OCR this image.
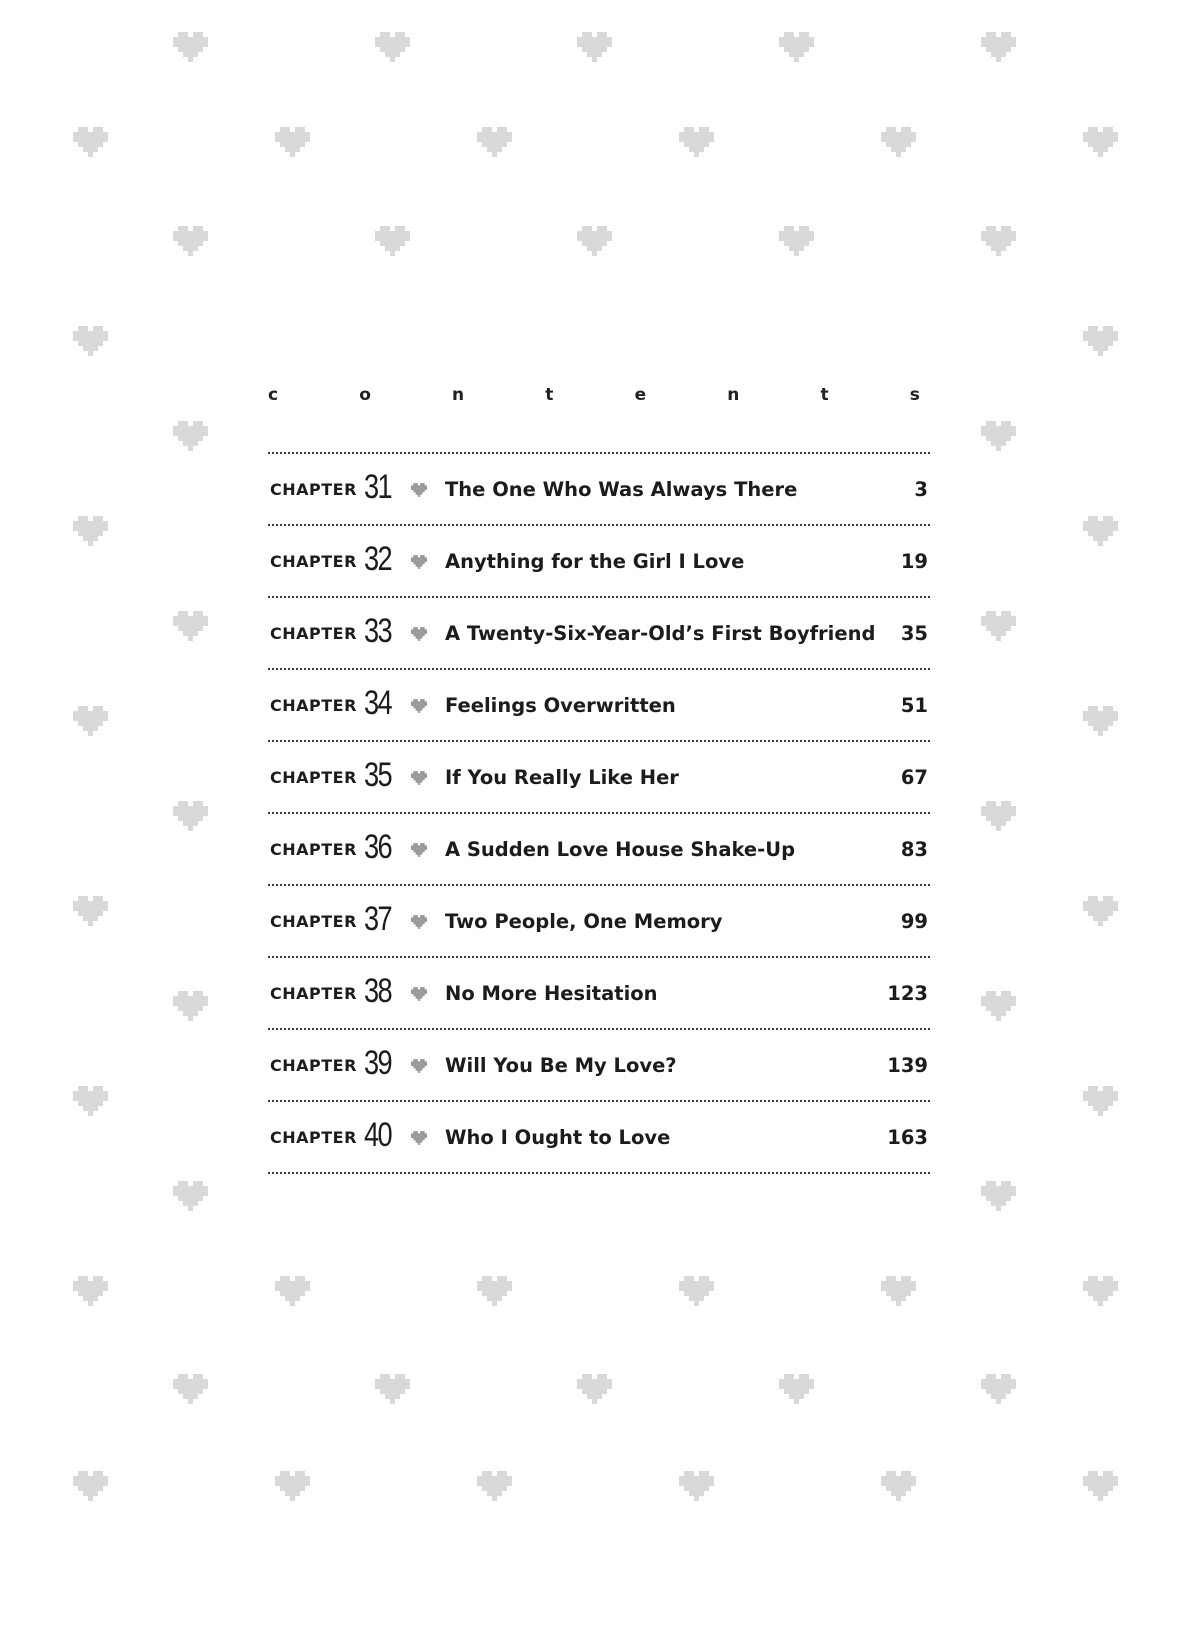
c	o	n	t	e	n	t	s
CHAPTER 31	The One Who Was Always There	3
CHAPTER 32	Anything for the Girl I Love	19
CHAPTER 33	A Twenty-Six-Year-Old’s First Boyfriend 35
CHAPTER 34	Feelings Overwritten	51
CHAPTER 35	If You Really Like Her	67
CHAPTER 36	A Sudden Love House Shake-Up	83
CHAPTER 37	Two People, One Memory	99
CHAPTER 38	No More Hesitation	123
CHAPTER 39	Will You Be My Love?	139
CHAPTER 40	Who I Ought to Love	163
